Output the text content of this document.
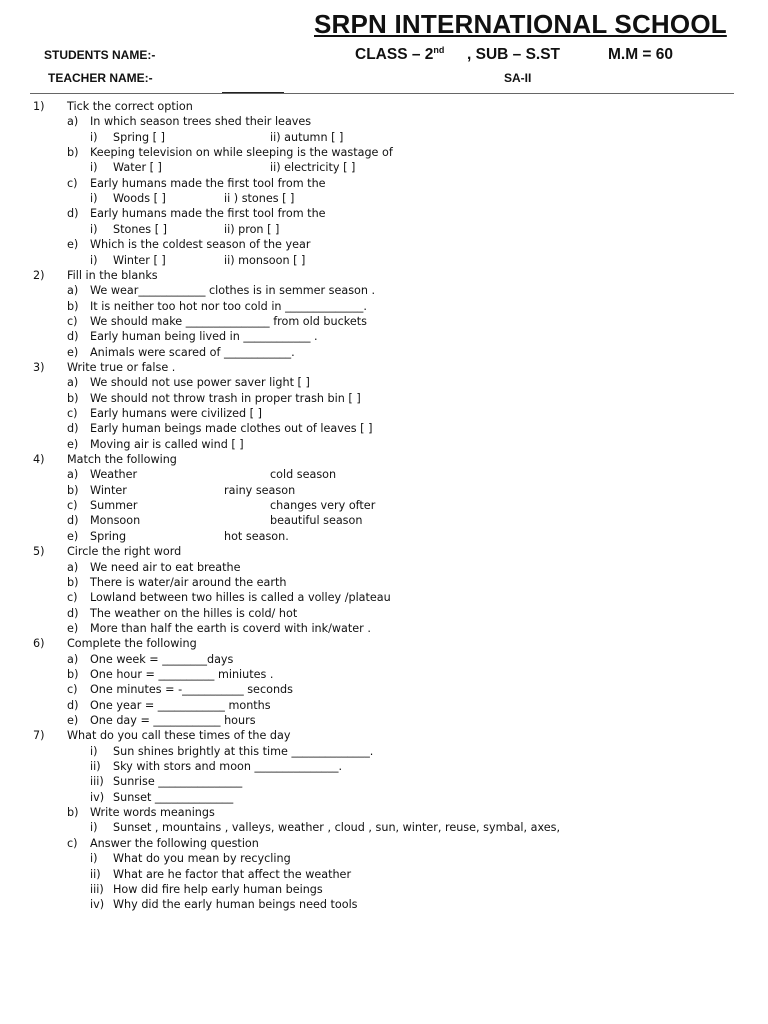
SRPN INTERNATIONAL SCHOOL
STUDENTS NAME:-
TEACHER NAME:-
CLASS – 2nd , SUB – S.ST	M.M = 60
SA-II
1) Tick the correct option
a) In which season trees shed their leaves
i) Spring [ ]	ii) autumn [ ]
b) Keeping television on while sleeping is the wastage of
i) Water [ ]	ii) electricity [ ]
c) Early humans made the first tool from the
i) Woods [ ]	ii ) stones [ ]
d) Early humans made the first tool from the
i) Stones [ ]	ii) pron [ ]
e) Which is the coldest season of the year
i) Winter [ ]	ii) monsoon [ ]
2) Fill in the blanks
a) We wear____________ clothes is in semmer season .
b) It is neither too hot nor too cold in ______________.
c) We should make _______________ from old buckets
d) Early human being lived in ____________ .
e) Animals were scared of ____________.
3) Write true or false .
a) We should not use power saver light [ ]
b) We should not throw trash in proper trash bin [ ]
c) Early humans were civilized [ ]
d) Early human beings made clothes out of leaves [ ]
e) Moving air is called wind [ ]
4) Match the following
a) Weather	cold season
b) Winter	rainy season
c) Summer	changes very ofter
d) Monsoon	beautiful season
e) Spring	hot season.
5) Circle the right word
a) We need air to eat breathe
b) There is water/air around the earth
c) Lowland between two hilles is called a volley /plateau
d) The weather on the hilles is cold/ hot
e) More than half the earth is coverd with ink/water .
6) Complete the following
a) One week = ________days
b) One hour = __________ miniutes .
c) One minutes = -___________ seconds
d) One year = ____________ months
e) One day = ____________ hours
7) What do you call these times of the day
i) Sun shines brightly at this time ______________.
ii) Sky with stors and moon _______________.
iii) Sunrise _______________
iv) Sunset ______________
b) Write words meanings
i) Sunset , mountains , valleys, weather , cloud , sun, winter, reuse, symbal, axes,
c) Answer the following question
i) What do you mean by recycling
ii) What are he factor that affect the weather
iii) How did fire help early human beings
iv) Why did the early human beings need tools
